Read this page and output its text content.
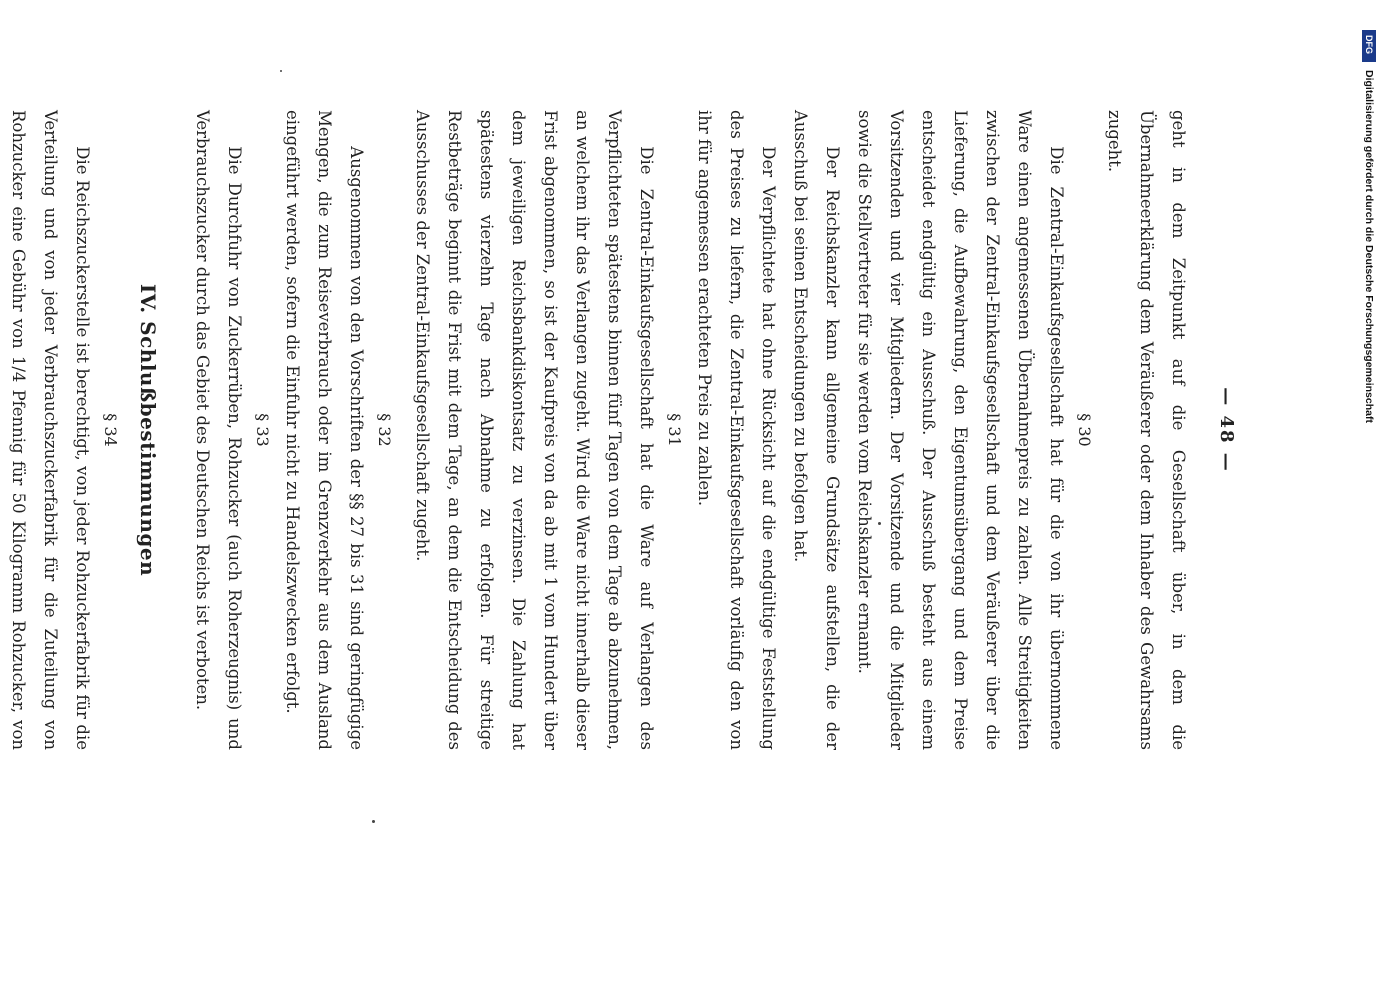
— 48 —

geht in dem Zeitpunkt auf die Gesellschaft über, in dem die Übernahmeerklärung dem Veräußerer oder dem Inhaber des Gewahrsams zugeht.

§ 30

Die Zentral-Einkaufsgesellschaft hat für die von ihr übernommene Ware einen angemessenen Übernahmepreis zu zahlen. Alle Streitigkeiten zwischen der Zentral-Einkaufsgesellschaft und dem Veräußerer über die Lieferung, die Aufbewahrung, den Eigentumsübergang und dem Preise entscheidet endgültig ein Ausschuß. Der Ausschuß besteht aus einem Vorsitzenden und vier Mitgliedern. Der Vorsitzende und die Mitglieder sowie die Stellvertreter für sie werden vom Reichskanzler ernannt.

Der Reichskanzler kann allgemeine Grundsätze aufstellen, die der Ausschuß bei seinen Entscheidungen zu befolgen hat.

Der Verpflichtete hat ohne Rücksicht auf die endgültige Feststellung des Preises zu liefern, die Zentral-Einkaufsgesellschaft vorläufig den von ihr für angemessen erachteten Preis zu zahlen.

§ 31

Die Zentral-Einkaufsgesellschaft hat die Ware auf Verlangen des Verpflichteten spätestens binnen fünf Tagen von dem Tage ab abzunehmen, an welchem ihr das Verlangen zugeht. Wird die Ware nicht innerhalb dieser Frist abgenommen, so ist der Kaufpreis von da ab mit 1 vom Hundert über dem jeweiligen Reichsbankdiskontsatz zu verzinsen. Die Zahlung hat spätestens vierzehn Tage nach Abnahme zu erfolgen. Für streitige Restbeträge beginnt die Frist mit dem Tage, an dem die Entscheidung des Ausschusses der Zentral-Einkaufsgesellschaft zugeht.

§ 32

Ausgenommen von den Vorschriften der §§ 27 bis 31 sind geringfügige Mengen, die zum Reiseverbrauch oder im Grenzverkehr aus dem Ausland eingeführt werden, sofern die Einfuhr nicht zu Handelszwecken erfolgt.

§ 33

Die Durchfuhr von Zuckerrüben, Rohzucker (auch Roherzeugnis) und Verbrauchszucker durch das Gebiet des Deutschen Reichs ist verboten.

IV. Schlußbestimmungen
§ 34

Die Reichszuckerstelle ist berechtigt, von jeder Rohzuckerfabrik für die Verteilung und von jeder Verbrauchszuckerfabrik für die Zuteilung von Rohzucker eine Gebühr von 1/4 Pfennig für 50 Kilogramm Rohzucker, von

DFG
Digitalisierung gefördert durch die Deutsche Forschungsgemeinschaft
